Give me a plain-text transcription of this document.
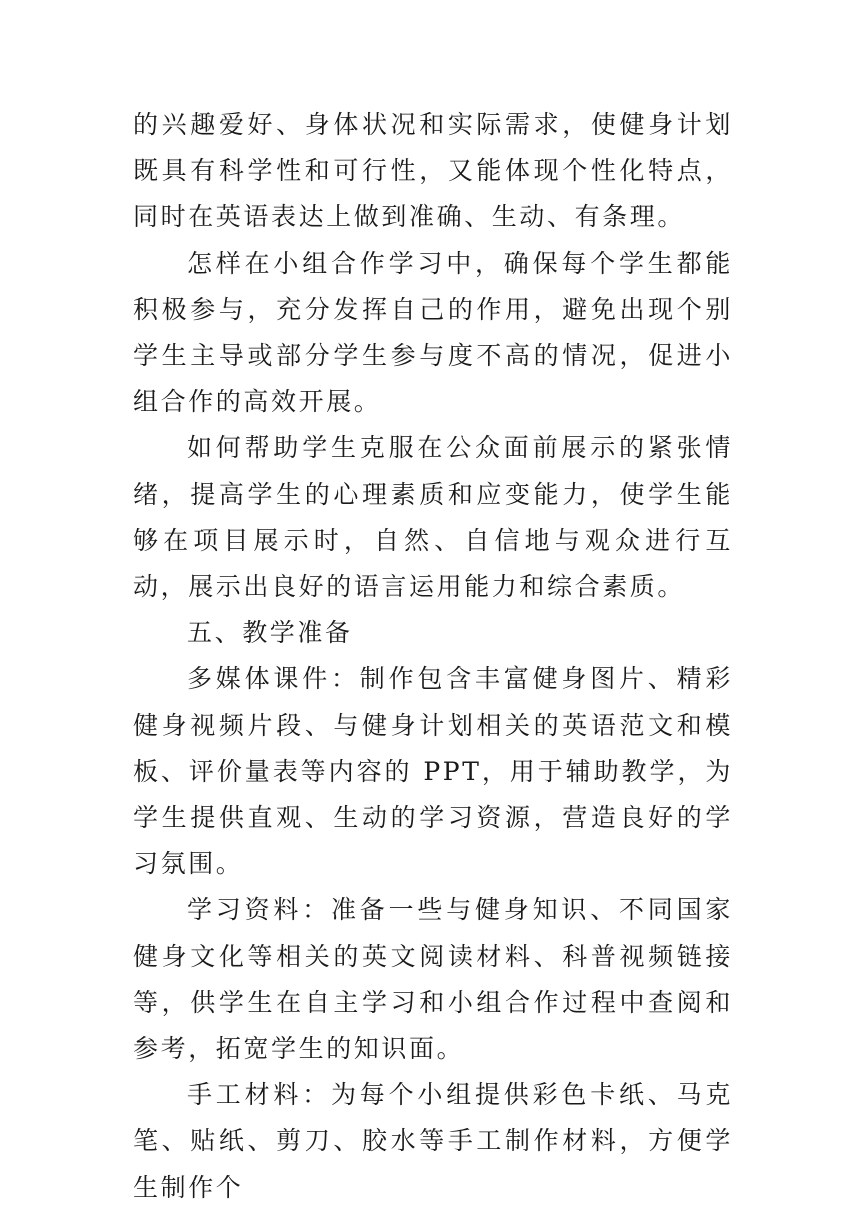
的兴趣爱好、身体状况和实际需求，使健身计划既具有科学性和可行性，又能体现个性化特点，同时在英语表达上做到准确、生动、有条理。

怎样在小组合作学习中，确保每个学生都能积极参与，充分发挥自己的作用，避免出现个别学生主导或部分学生参与度不高的情况，促进小组合作的高效开展。

如何帮助学生克服在公众面前展示的紧张情绪，提高学生的心理素质和应变能力，使学生能够在项目展示时，自然、自信地与观众进行互动，展示出良好的语言运用能力和综合素质。

五、教学准备

多媒体课件：制作包含丰富健身图片、精彩健身视频片段、与健身计划相关的英语范文和模板、评价量表等内容的 PPT，用于辅助教学，为学生提供直观、生动的学习资源，营造良好的学习氛围。

学习资料：准备一些与健身知识、不同国家健身文化等相关的英文阅读材料、科普视频链接等，供学生在自主学习和小组合作过程中查阅和参考，拓宽学生的知识面。

手工材料：为每个小组提供彩色卡纸、马克笔、贴纸、剪刀、胶水等手工制作材料，方便学生制作个
